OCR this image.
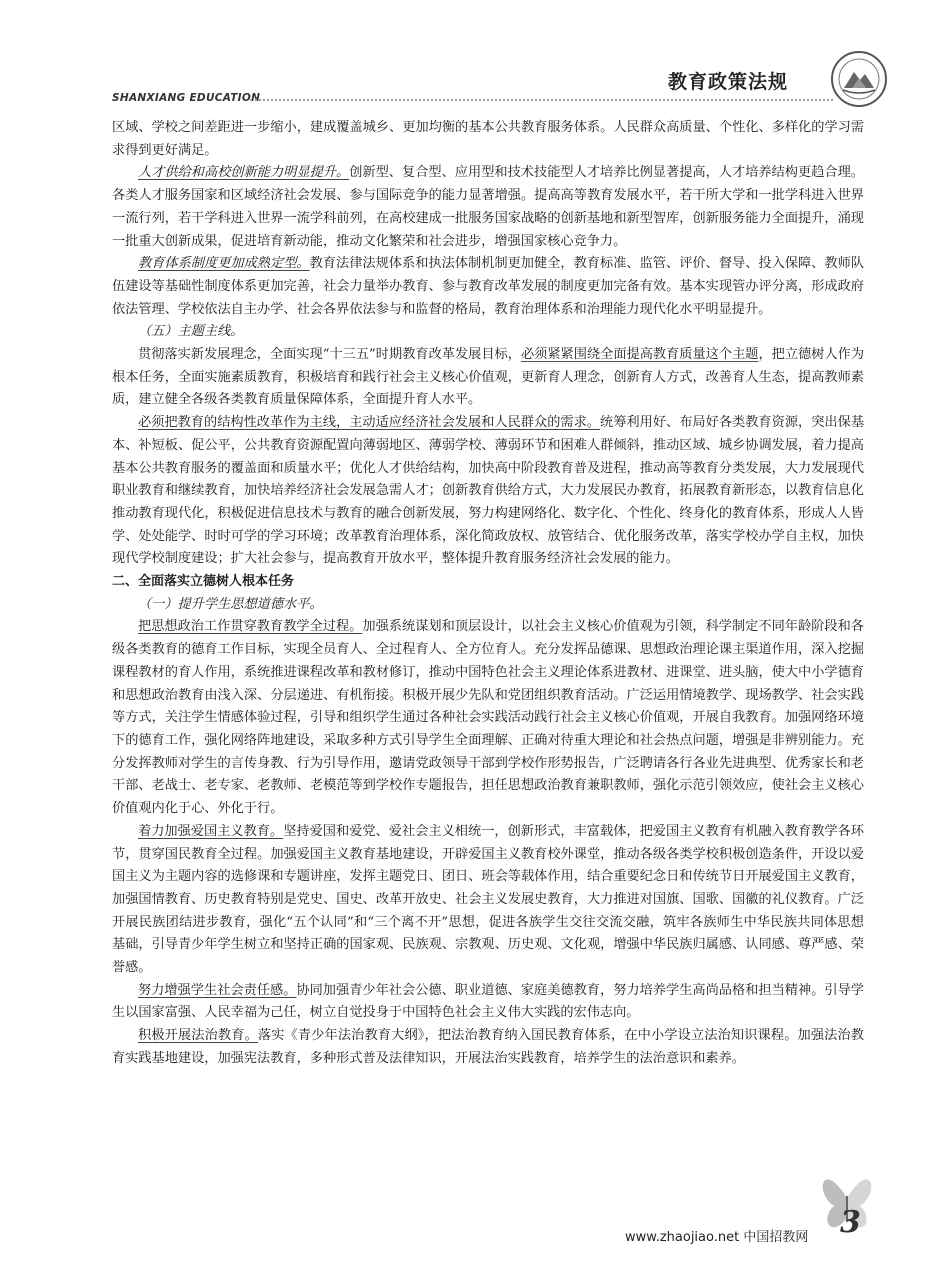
教育政策法规
SHANXIANG EDUCATION

区域、学校之间差距进一步缩小，建成覆盖城乡、更加均衡的基本公共教育服务体系。人民群众高质量、个性化、多样化的学习需求得到更好满足。

人才供给和高校创新能力明显提升。创新型、复合型、应用型和技术技能型人才培养比例显著提高，人才培养结构更趋合理。各类人才服务国家和区域经济社会发展、参与国际竞争的能力显著增强。提高高等教育发展水平，若干所大学和一批学科进入世界一流行列，若干学科进入世界一流学科前列，在高校建成一批服务国家战略的创新基地和新型智库，创新服务能力全面提升，涌现一批重大创新成果，促进培育新动能，推动文化繁荣和社会进步，增强国家核心竞争力。

教育体系制度更加成熟定型。教育法律法规体系和执法体制机制更加健全，教育标准、监管、评价、督导、投入保障、教师队伍建设等基础性制度体系更加完善，社会力量举办教育、参与教育改革发展的制度更加完备有效。基本实现管办评分离，形成政府依法管理、学校依法自主办学、社会各界依法参与和监督的格局，教育治理体系和治理能力现代化水平明显提升。

（五）主题主线。

贯彻落实新发展理念，全面实现“十三五”时期教育改革发展目标，必须紧紧围绕全面提高教育质量这个主题，把立德树人作为根本任务，全面实施素质教育，积极培育和践行社会主义核心价值观，更新育人理念，创新育人方式，改善育人生态，提高教师素质，建立健全各级各类教育质量保障体系，全面提升育人水平。

必须把教育的结构性改革作为主线，主动适应经济社会发展和人民群众的需求。统筹利用好、布局好各类教育资源，突出保基本、补短板、促公平，公共教育资源配置向薄弱地区、薄弱学校、薄弱环节和困难人群倾斜，推动区域、城乡协调发展，着力提高基本公共教育服务的覆盖面和质量水平；优化人才供给结构，加快高中阶段教育普及进程，推动高等教育分类发展，大力发展现代职业教育和继续教育，加快培养经济社会发展急需人才；创新教育供给方式，大力发展民办教育，拓展教育新形态，以教育信息化推动教育现代化，积极促进信息技术与教育的融合创新发展，努力构建网络化、数字化、个性化、终身化的教育体系，形成人人皆学、处处能学、时时可学的学习环境；改革教育治理体系，深化简政放权、放管结合、优化服务改革，落实学校办学自主权，加快现代学校制度建设；扩大社会参与，提高教育开放水平，整体提升教育服务经济社会发展的能力。

二、全面落实立德树人根本任务

（一）提升学生思想道德水平。

把思想政治工作贯穿教育教学全过程。加强系统谋划和顶层设计，以社会主义核心价值观为引领，科学制定不同年龄阶段和各级各类教育的德育工作目标，实现全员育人、全过程育人、全方位育人。充分发挥品德课、思想政治理论课主渠道作用，深入挖掘课程教材的育人作用，系统推进课程改革和教材修订，推动中国特色社会主义理论体系进教材、进课堂、进头脑，使大中小学德育和思想政治教育由浅入深、分层递进、有机衔接。积极开展少先队和党团组织教育活动。广泛运用情境教学、现场教学、社会实践等方式，关注学生情感体验过程，引导和组织学生通过各种社会实践活动践行社会主义核心价值观，开展自我教育。加强网络环境下的德育工作，强化网络阵地建设，采取多种方式引导学生全面理解、正确对待重大理论和社会热点问题，增强是非辨别能力。充分发挥教师对学生的言传身教、行为引导作用，邀请党政领导干部到学校作形势报告，广泛聘请各行各业先进典型、优秀家长和老干部、老战士、老专家、老教师、老模范等到学校作专题报告，担任思想政治教育兼职教师，强化示范引领效应，使社会主义核心价值观内化于心、外化于行。

着力加强爱国主义教育。坚持爱国和爱党、爱社会主义相统一，创新形式，丰富载体，把爱国主义教育有机融入教育教学各环节，贯穿国民教育全过程。加强爱国主义教育基地建设，开辟爱国主义教育校外课堂，推动各级各类学校积极创造条件，开设以爱国主义为主题内容的选修课和专题讲座，发挥主题党日、团日、班会等载体作用，结合重要纪念日和传统节日开展爱国主义教育，加强国情教育、历史教育特别是党史、国史、改革开放史、社会主义发展史教育，大力推进对国旗、国歌、国徽的礼仪教育。广泛开展民族团结进步教育，强化“五个认同”和“三个离不开”思想，促进各族学生交往交流交融，筑牢各族师生中华民族共同体思想基础，引导青少年学生树立和坚持正确的国家观、民族观、宗教观、历史观、文化观，增强中华民族归属感、认同感、尊严感、荣誉感。

努力增强学生社会责任感。协同加强青少年社会公德、职业道德、家庭美德教育，努力培养学生高尚品格和担当精神。引导学生以国家富强、人民幸福为己任，树立自觉投身于中国特色社会主义伟大实践的宏伟志向。

积极开展法治教育。落实《青少年法治教育大纲》，把法治教育纳入国民教育体系，在中小学设立法治知识课程。加强法治教育实践基地建设，加强宪法教育，多种形式普及法律知识，开展法治实践教育，培养学生的法治意识和素养。

www.zhaojiao.net 中国招教网 3
